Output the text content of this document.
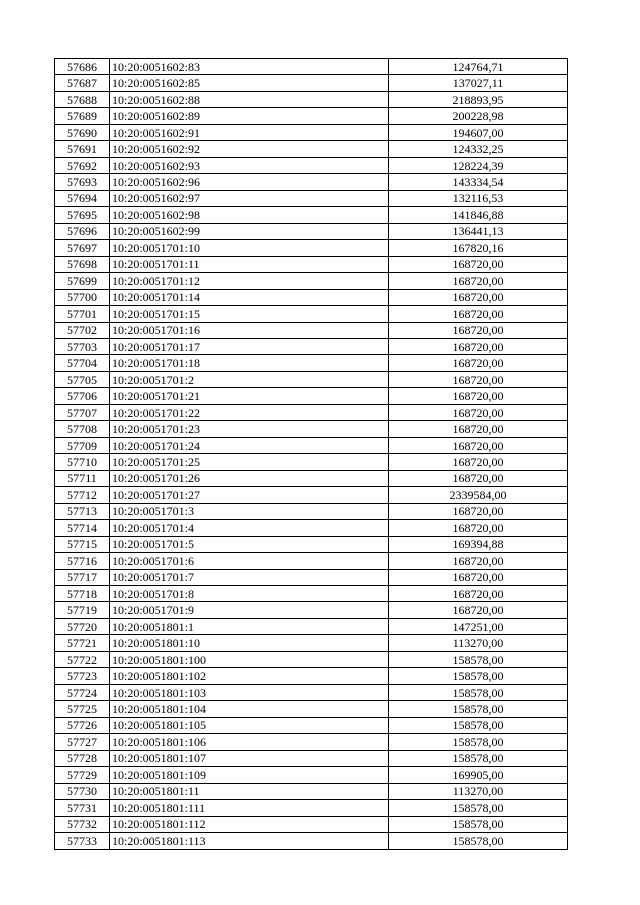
57686	10:20:0051602:83	124764,71
57687	10:20:0051602:85	137027,11
57688	10:20:0051602:88	218893,95
57689	10:20:0051602:89	200228,98
57690	10:20:0051602:91	194607,00
57691	10:20:0051602:92	124332,25
57692	10:20:0051602:93	128224,39
57693	10:20:0051602:96	143334,54
57694	10:20:0051602:97	132116,53
57695	10:20:0051602:98	141846,88
57696	10:20:0051602:99	136441,13
57697	10:20:0051701:10	167820,16
57698	10:20:0051701:11	168720,00
57699	10:20:0051701:12	168720,00
57700	10:20:0051701:14	168720,00
57701	10:20:0051701:15	168720,00
57702	10:20:0051701:16	168720,00
57703	10:20:0051701:17	168720,00
57704	10:20:0051701:18	168720,00
57705	10:20:0051701:2	168720,00
57706	10:20:0051701:21	168720,00
57707	10:20:0051701:22	168720,00
57708	10:20:0051701:23	168720,00
57709	10:20:0051701:24	168720,00
57710	10:20:0051701:25	168720,00
57711	10:20:0051701:26	168720,00
57712	10:20:0051701:27	2339584,00
57713	10:20:0051701:3	168720,00
57714	10:20:0051701:4	168720,00
57715	10:20:0051701:5	169394,88
57716	10:20:0051701:6	168720,00
57717	10:20:0051701:7	168720,00
57718	10:20:0051701:8	168720,00
57719	10:20:0051701:9	168720,00
57720	10:20:0051801:1	147251,00
57721	10:20:0051801:10	113270,00
57722	10:20:0051801:100	158578,00
57723	10:20:0051801:102	158578,00
57724	10:20:0051801:103	158578,00
57725	10:20:0051801:104	158578,00
57726	10:20:0051801:105	158578,00
57727	10:20:0051801:106	158578,00
57728	10:20:0051801:107	158578,00
57729	10:20:0051801:109	169905,00
57730	10:20:0051801:11	113270,00
57731	10:20:0051801:111	158578,00
57732	10:20:0051801:112	158578,00
57733	10:20:0051801:113	158578,00
